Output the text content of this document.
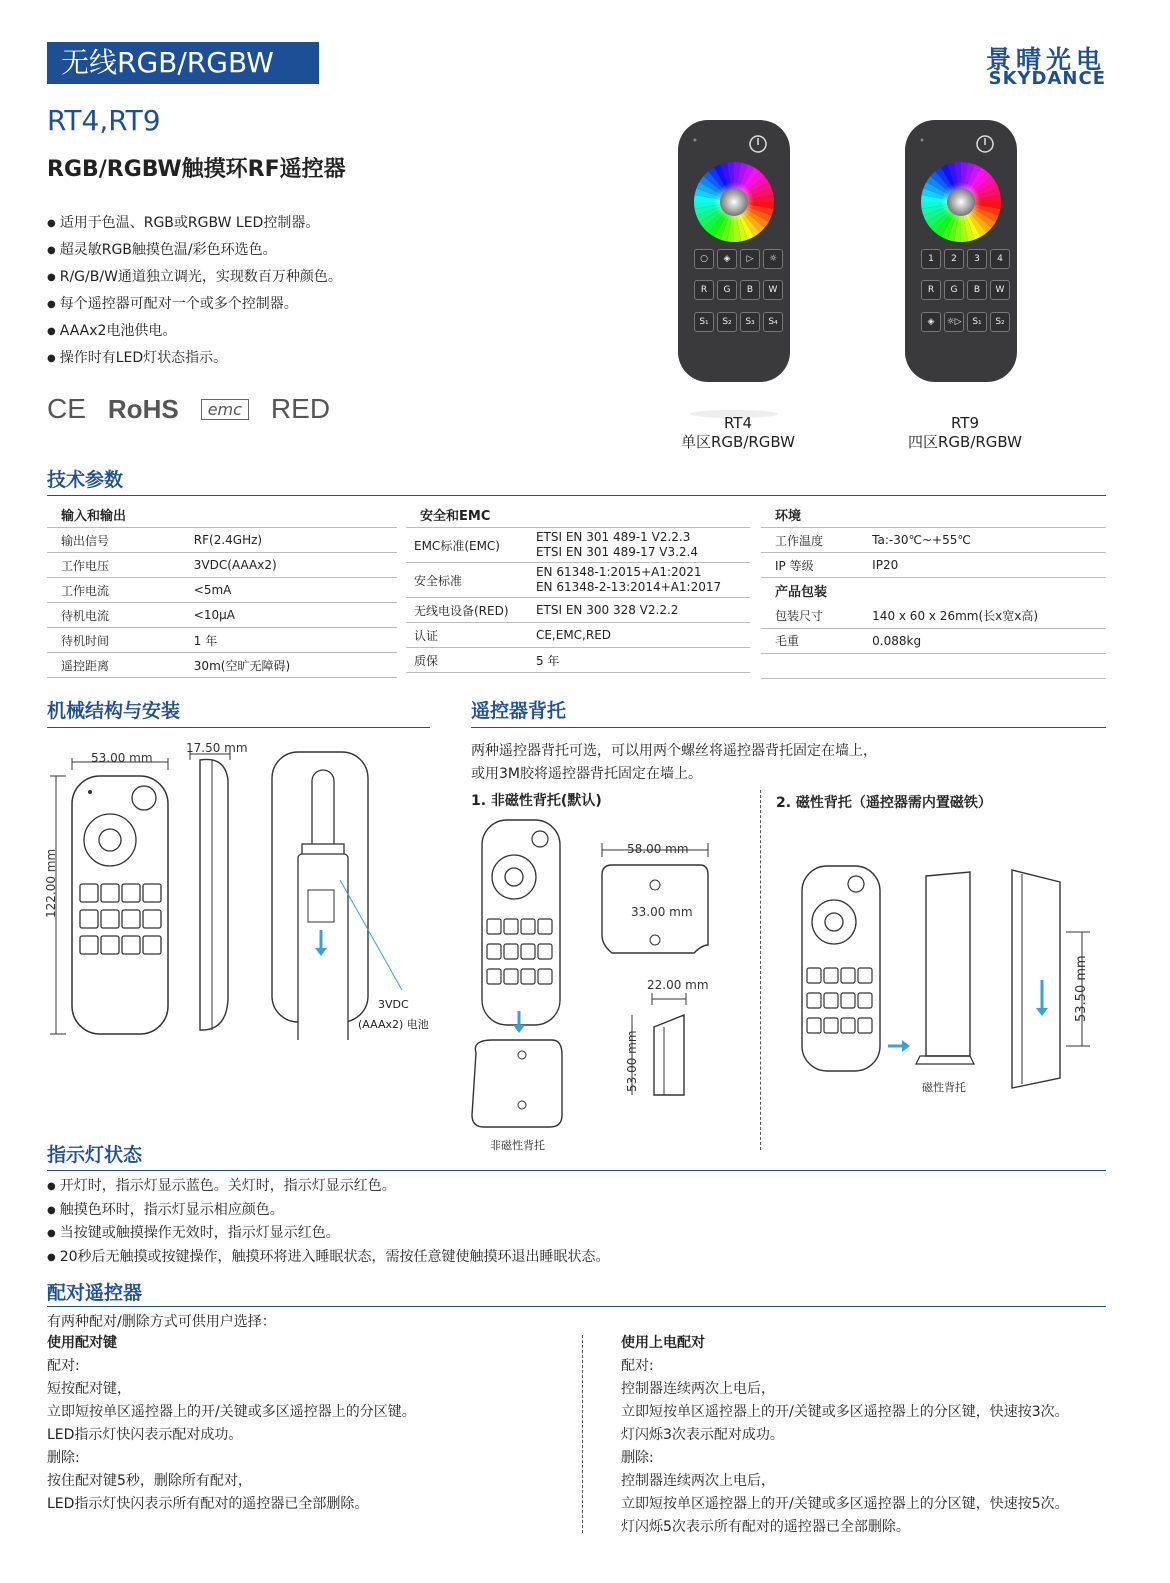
无线RGB/RGBW	景晴光电
SKYDANCE
RT4,RT9
RGB/RGBW触摸环RF遥控器
● 适用于色温、RGB或RGBW LED控制器。
● 超灵敏RGB触摸色温/彩色环选色。
● R/G/B/W通道独立调光，实现数百万种颜色。
● 每个遥控器可配对一个或多个控制器。
● AAAx2电池供电。
● 操作时有LED灯状态指示。
CE RoHS	emc RED
○	◈	▷	☼
R	G	B	W
S₁	S₂	S₃	S₄
1	2	3	4
R	G	B	W
◈	☼▷	S₁	S₂
RT4
单区RGB/RGBW
RT9
四区RGB/RGBW
技术参数
输入和输出	
输出信号	RF(2.4GHz)
工作电压	3VDC(AAAx2)
工作电流	<5mA
待机电流	<10μA
待机时间	1 年
遥控距离	30m(空旷无障碍)
安全和EMC	
EMC标准(EMC)	ETSI EN 301 489-1 V2.2.3
ETSI EN 301 489-17 V3.2.4

安全标准	EN 61348-1:2015+A1:2021
EN 61348-2-13:2014+A1:2017

无线电设备(RED)	ETSI EN 300 328 V2.2.2
认证	CE,EMC,RED
质保	5 年
环境	
工作温度	Ta:-30℃~+55℃
IP 等级	IP20
产品包装	
包装尺寸	140 x 60 x 26mm(长x宽x高)
毛重	0.088kg

机械结构与安装
53.00 mm
122.00 mm
17.50 mm
3VDC
(AAAx2) 电池
遥控器背托
两种遥控器背托可选，可以用两个螺丝将遥控器背托固定在墙上，
或用3M胶将遥控器背托固定在墙上。
1. 非磁性背托(默认)	2. 磁性背托（遥控器需内置磁铁）
58.00 mm
33.00 mm
22.00 mm
53.00 mm
非磁性背托
53.50 mm
磁性背托
指示灯状态
● 开灯时，指示灯显示蓝色。关灯时，指示灯显示红色。
● 触摸色环时，指示灯显示相应颜色。
● 当按键或触摸操作无效时，指示灯显示红色。
● 20秒后无触摸或按键操作，触摸环将进入睡眠状态，需按任意键使触摸环退出睡眠状态。
配对遥控器
有两种配对/删除方式可供用户选择：
使用配对键
配对:
短按配对键，
立即短按单区遥控器上的开/关键或多区遥控器上的分区键。
LED指示灯快闪表示配对成功。
删除:
按住配对键5秒，删除所有配对，
LED指示灯快闪表示所有配对的遥控器已全部删除。
使用上电配对
配对:
控制器连续两次上电后，
立即短按单区遥控器上的开/关键或多区遥控器上的分区键，快速按3次。
灯闪烁3次表示配对成功。
删除:
控制器连续两次上电后，
立即短按单区遥控器上的开/关键或多区遥控器上的分区键，快速按5次。
灯闪烁5次表示所有配对的遥控器已全部删除。
